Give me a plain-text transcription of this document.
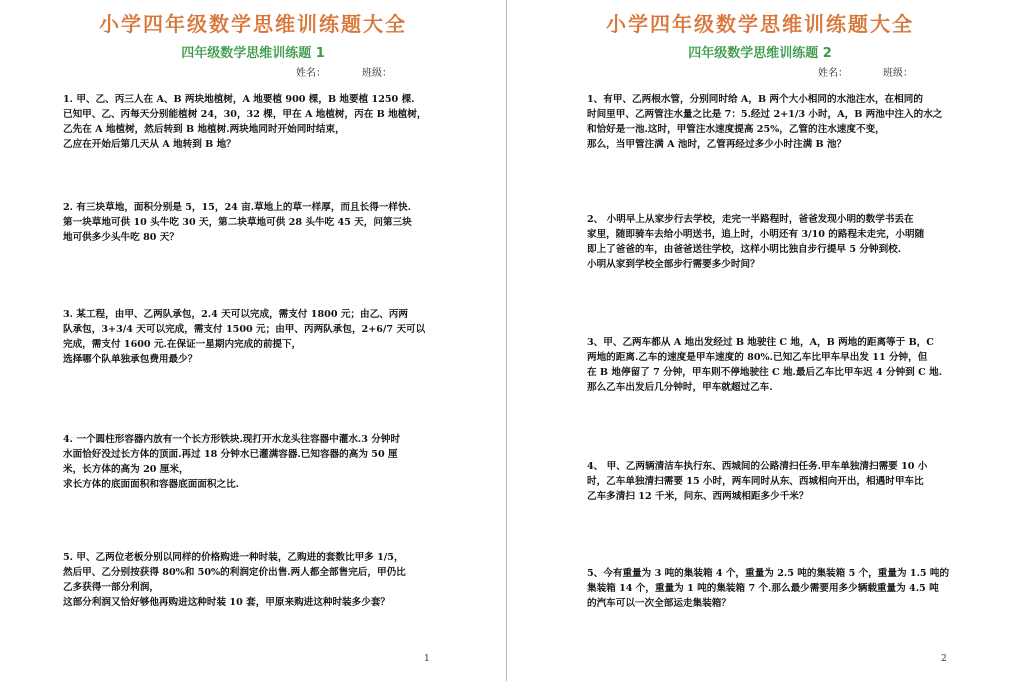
小学四年级数学思维训练题大全
四年级数学思维训练题 1
姓名：	班级：
1. 甲、乙、丙三人在 A、B 两块地植树，A 地要植 900 棵，B 地要植 1250 棵.
已知甲、乙、丙每天分别能植树 24，30，32 棵，甲在 A 地植树，丙在 B 地植树，
乙先在 A 地植树，然后转到 B 地植树.两块地同时开始同时结束，
乙应在开始后第几天从 A 地转到 B 地？
2. 有三块草地，面积分别是 5，15，24 亩.草地上的草一样厚，而且长得一样快.
第一块草地可供 10 头牛吃 30 天，第二块草地可供 28 头牛吃 45 天，问第三块
地可供多少头牛吃 80 天？
3. 某工程，由甲、乙两队承包，2.4 天可以完成，需支付 1800 元；由乙、丙两
队承包，3+3/4 天可以完成，需支付 1500 元；由甲、丙两队承包，2+6/7 天可以
完成，需支付 1600 元.在保证一星期内完成的前提下，
选择哪个队单独承包费用最少？
4. 一个圆柱形容器内放有一个长方形铁块.现打开水龙头往容器中灌水.3 分钟时
水面恰好没过长方体的顶面.再过 18 分钟水已灌满容器.已知容器的高为 50 厘
米，长方体的高为 20 厘米，
求长方体的底面面积和容器底面面积之比.
5. 甲、乙两位老板分别以同样的价格购进一种时装，乙购进的套数比甲多 1/5，
然后甲、乙分别按获得 80%和 50%的利润定价出售.两人都全部售完后，甲仍比
乙多获得一部分利润，
这部分利润又恰好够他再购进这种时装 10 套，甲原来购进这种时装多少套？
1
小学四年级数学思维训练题大全
四年级数学思维训练题 2
姓名：	班级：
1、有甲、乙两根水管，分别同时给 A，B 两个大小相同的水池注水，在相同的
时间里甲、乙两管注水量之比是 7：5.经过 2+1/3 小时，A，B 两池中注入的水之
和恰好是一池.这时，甲管注水速度提高 25%，乙管的注水速度不变，
那么，当甲管注满 A 池时，乙管再经过多少小时注满 B 池？
2、 小明早上从家步行去学校，走完一半路程时，爸爸发现小明的数学书丢在
家里，随即骑车去给小明送书，追上时，小明还有 3/10 的路程未走完，小明随
即上了爸爸的车，由爸爸送往学校，这样小明比独自步行提早 5 分钟到校.
小明从家到学校全部步行需要多少时间？
3、甲、乙两车都从 A 地出发经过 B 地驶往 C 地，A，B 两地的距离等于 B，C
两地的距离.乙车的速度是甲车速度的 80%.已知乙车比甲车早出发 11 分钟，但
在 B 地停留了 7 分钟，甲车则不停地驶往 C 地.最后乙车比甲车迟 4 分钟到 C 地.
那么乙车出发后几分钟时，甲车就超过乙车.
4、 甲、乙两辆清洁车执行东、西城间的公路清扫任务.甲车单独清扫需要 10 小
时，乙车单独清扫需要 15 小时，两车同时从东、西城相向开出，相遇时甲车比
乙车多清扫 12 千米，问东、西两城相距多少千米？
5、今有重量为 3 吨的集装箱 4 个，重量为 2.5 吨的集装箱 5 个，重量为 1.5 吨的
集装箱 14 个，重量为 1 吨的集装箱 7 个.那么最少需要用多少辆载重量为 4.5 吨
的汽车可以一次全部运走集装箱？
2
